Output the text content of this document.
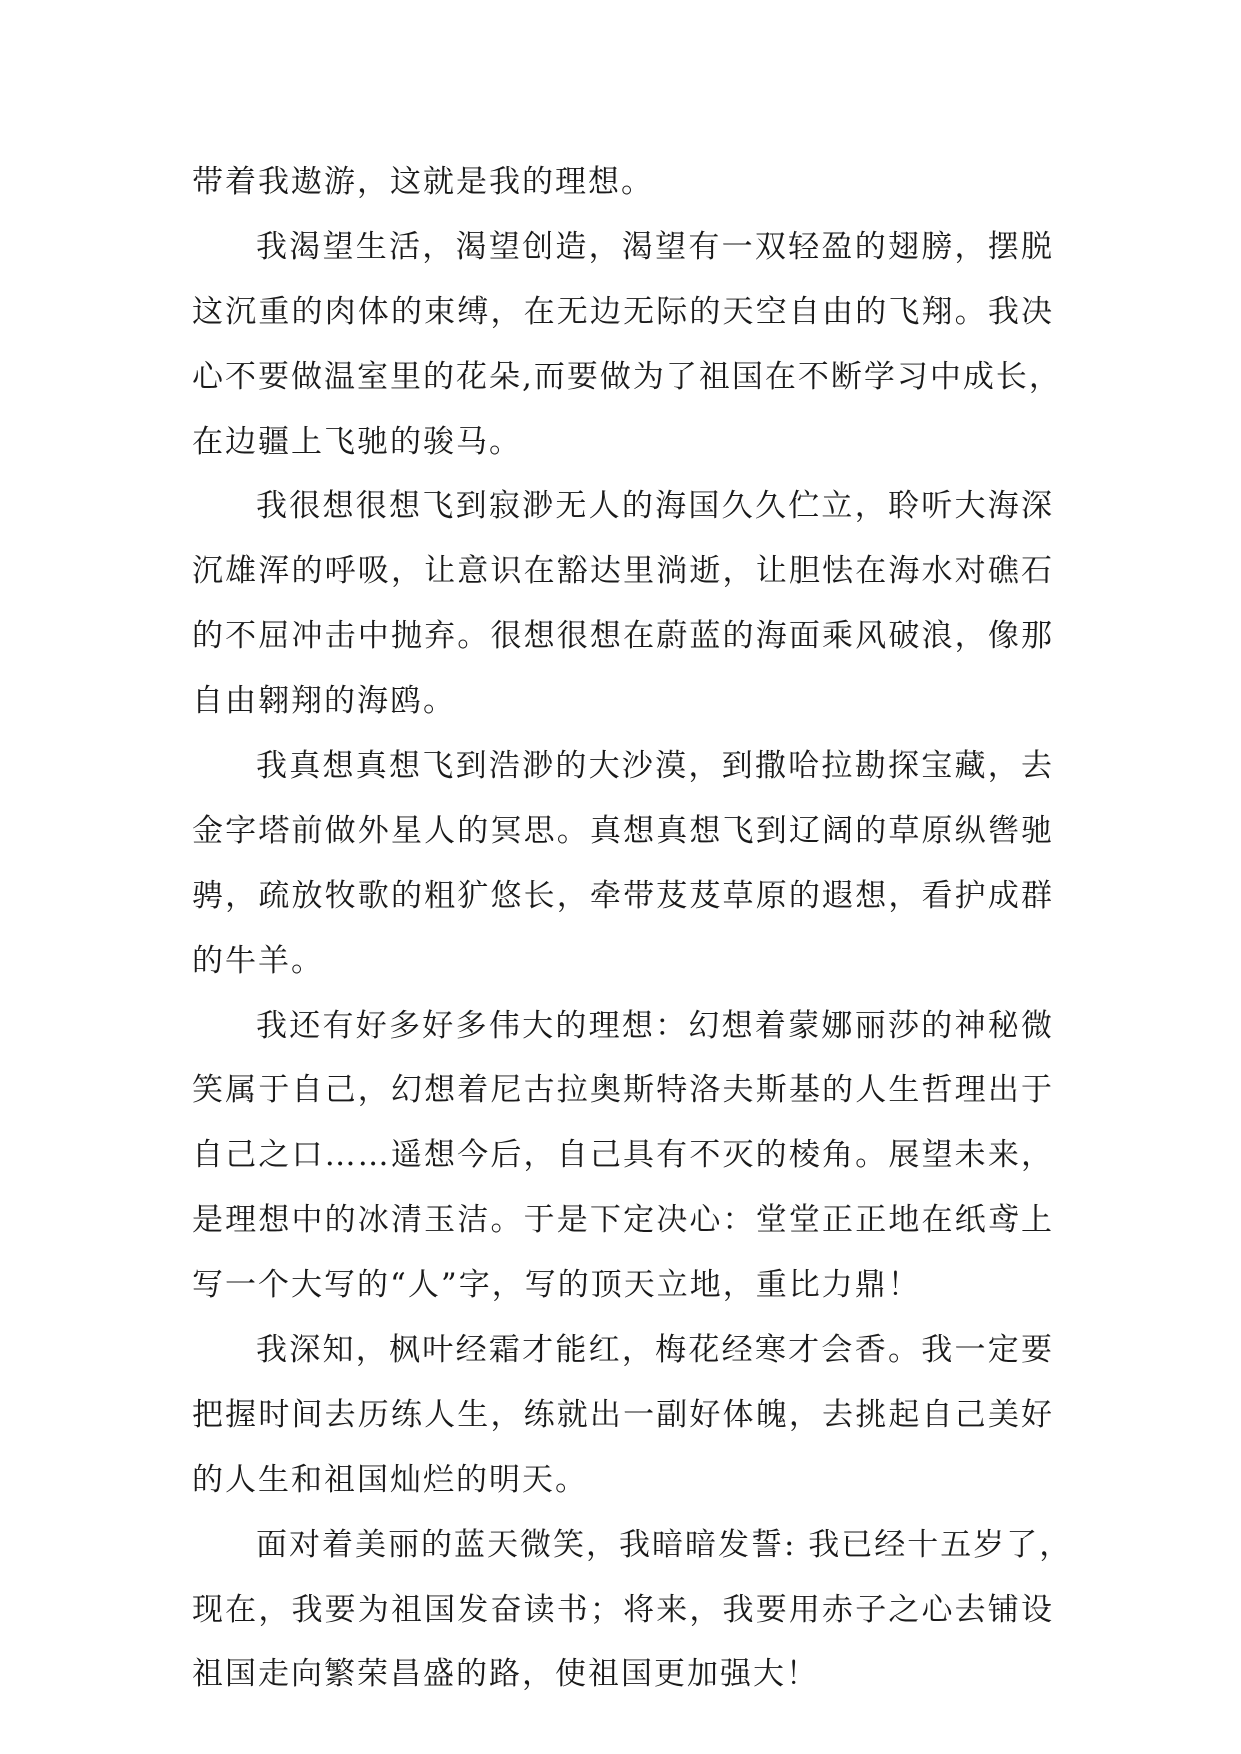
带着我遨游，这就是我的理想。
我渴望生活，渴望创造，渴望有一双轻盈的翅膀，摆脱
这沉重的肉体的束缚，在无边无际的天空自由的飞翔。我决
心不要做温室里的花朵,而要做为了祖国在不断学习中成长，
在边疆上飞驰的骏马。
我很想很想飞到寂渺无人的海国久久伫立，聆听大海深
沉雄浑的呼吸，让意识在豁达里淌逝，让胆怯在海水对礁石
的不屈冲击中抛弃。很想很想在蔚蓝的海面乘风破浪，像那
自由翱翔的海鸥。
我真想真想飞到浩渺的大沙漠，到撒哈拉勘探宝藏，去
金字塔前做外星人的冥思。真想真想飞到辽阔的草原纵辔驰
骋，疏放牧歌的粗犷悠长，牵带芨芨草原的遐想，看护成群
的牛羊。
我还有好多好多伟大的理想：幻想着蒙娜丽莎的神秘微
笑属于自己，幻想着尼古拉奥斯特洛夫斯基的人生哲理出于
自己之口……遥想今后，自己具有不灭的棱角。展望未来，
是理想中的冰清玉洁。于是下定决心：堂堂正正地在纸鸢上
写一个大写的“人”字，写的顶天立地，重比力鼎！
我深知，枫叶经霜才能红，梅花经寒才会香。我一定要
把握时间去历练人生，练就出一副好体魄，去挑起自己美好
的人生和祖国灿烂的明天。
面对着美丽的蓝天微笑，我暗暗发誓: 我已经十五岁了，
现在，我要为祖国发奋读书；将来，我要用赤子之心去铺设
祖国走向繁荣昌盛的路，使祖国更加强大！
